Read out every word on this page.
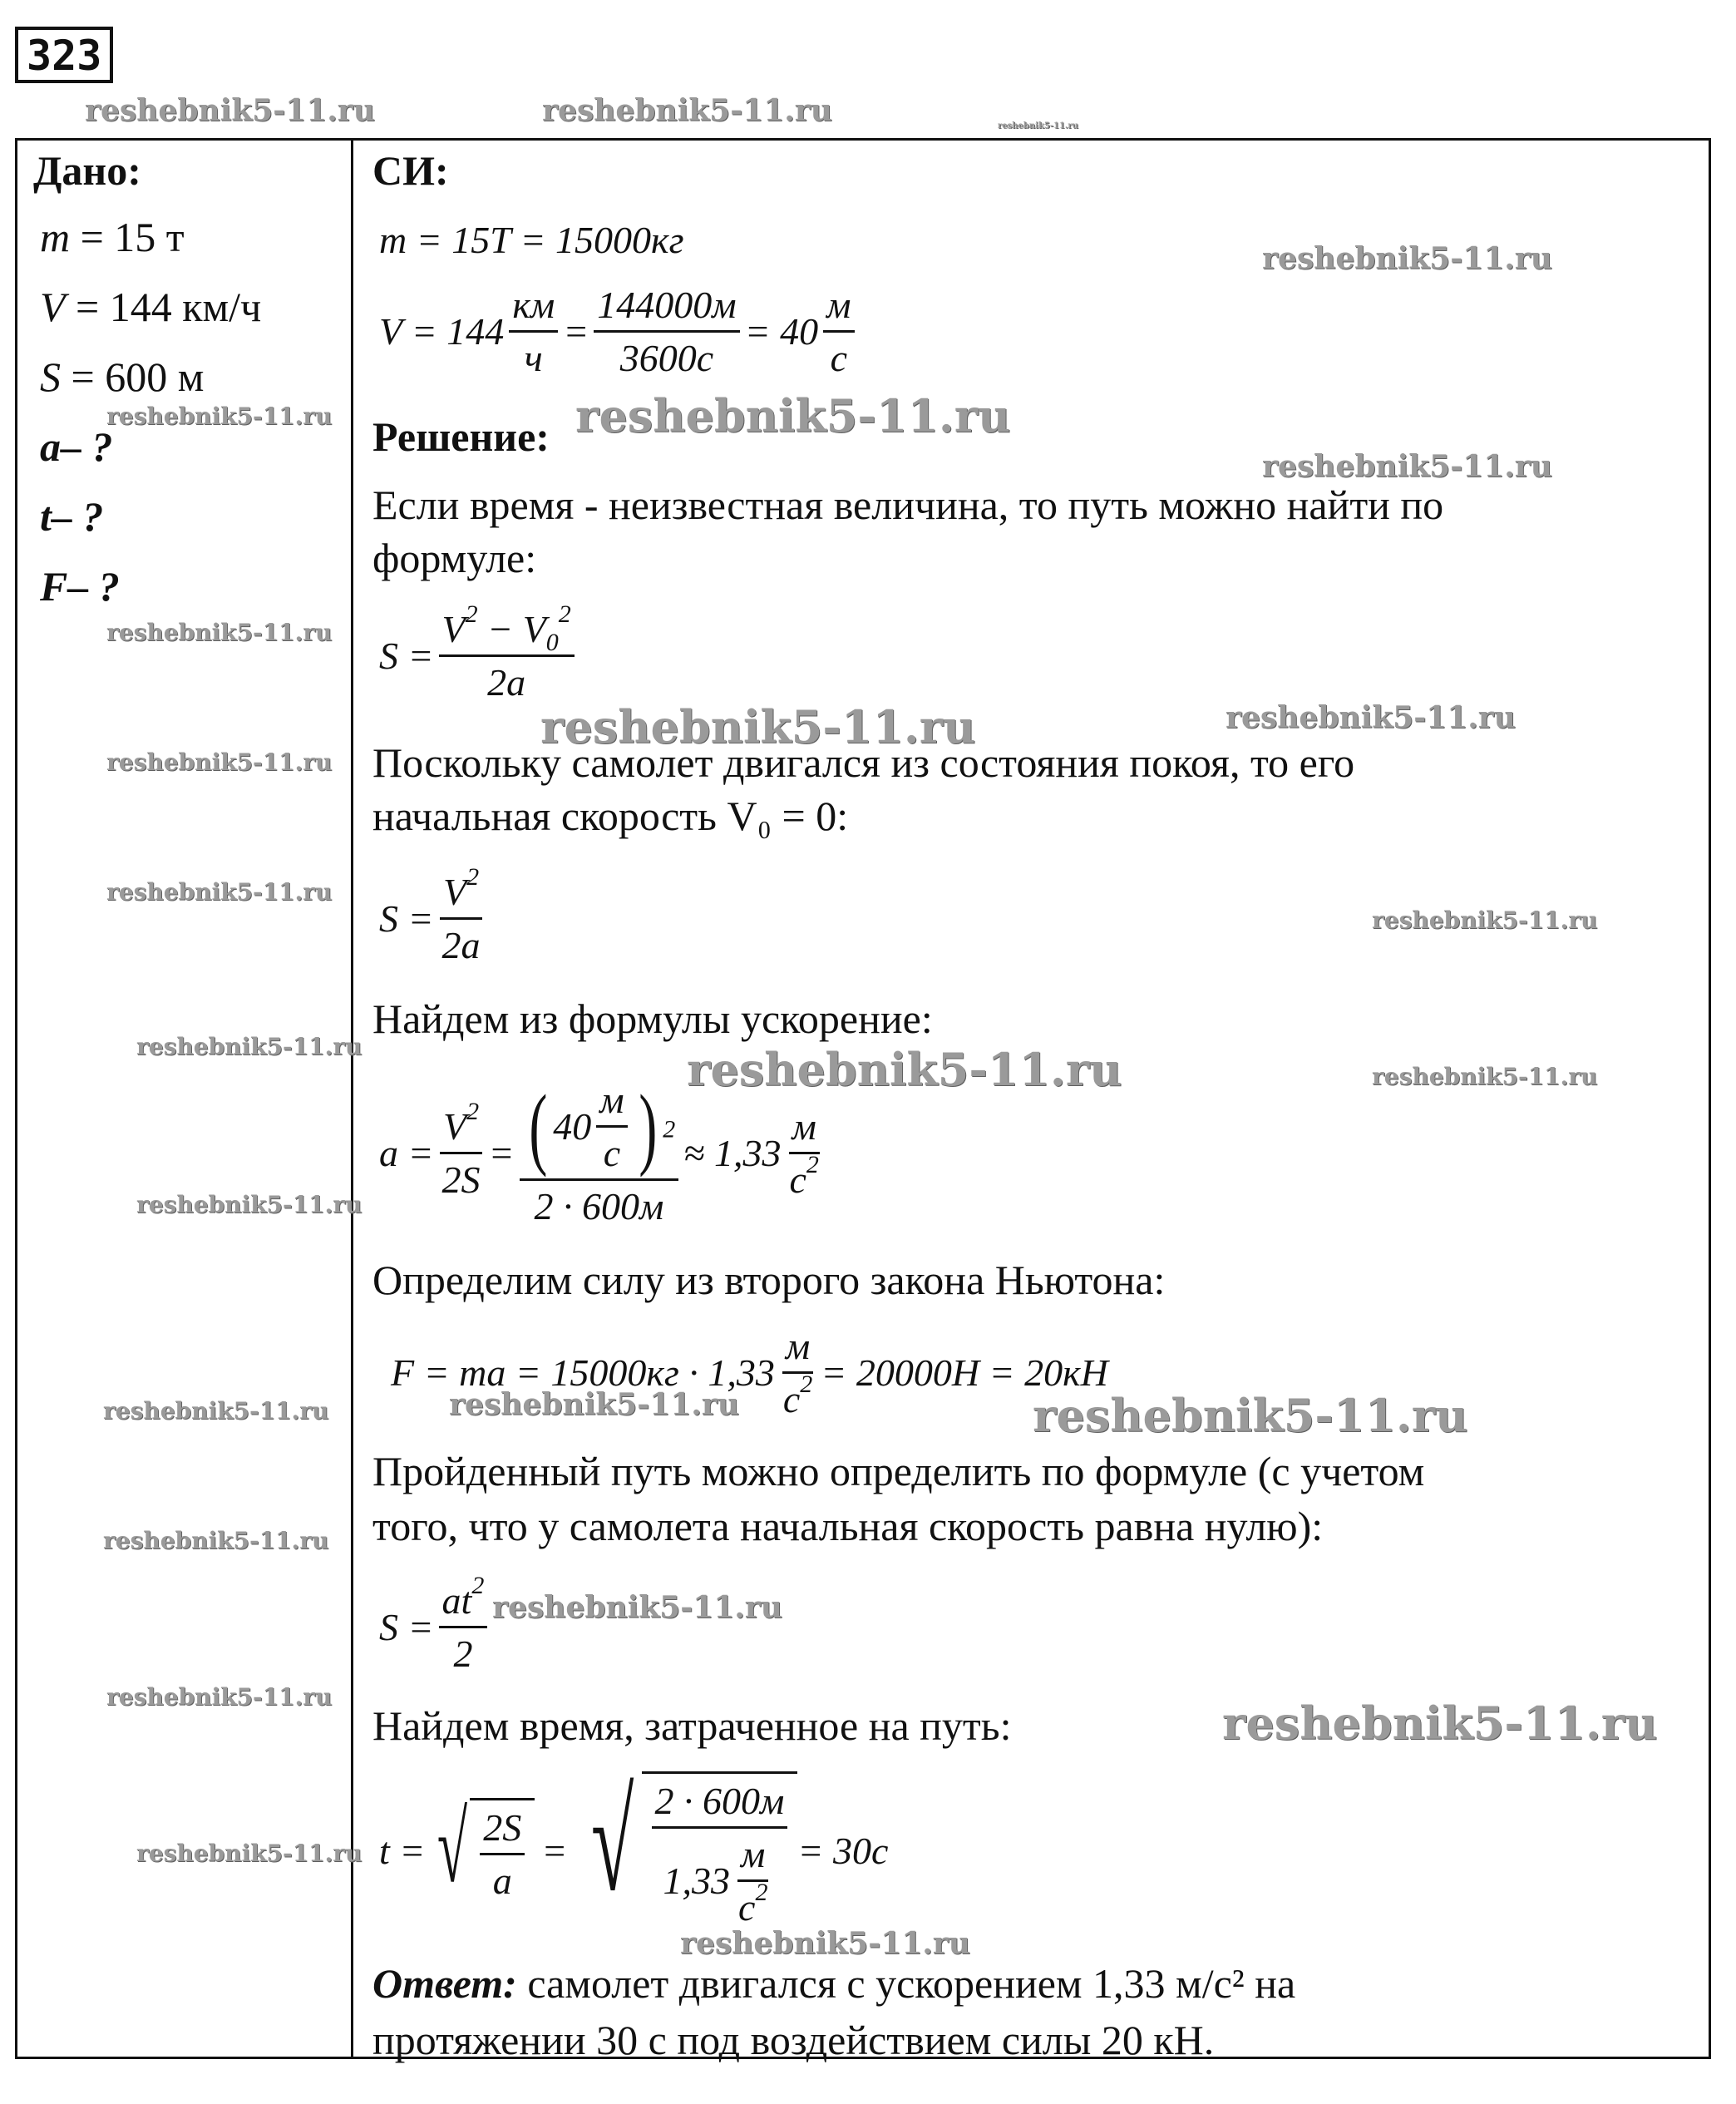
323
reshebnik5-11.ru	reshebnik5-11.ru	reshebnik5-11.ru
reshebnik5-11.ru
reshebnik5-11.ru	reshebnik5-11.ru
reshebnik5-11.ru
reshebnik5-11.ru
reshebnik5-11.ru	reshebnik5-11.ru
reshebnik5-11.ru
reshebnik5-11.ru
reshebnik5-11.ru
reshebnik5-11.ru	reshebnik5-11.ru	reshebnik5-11.ru
reshebnik5-11.ru
reshebnik5-11.ru	reshebnik5-11.ru	reshebnik5-11.ru
reshebnik5-11.ru
reshebnik5-11.ru
reshebnik5-11.ru	reshebnik5-11.ru
reshebnik5-11.ru
reshebnik5-11.ru
Дано:
m = 15 т
V = 144 км/ч
S = 600 м
a– ?
t– ?
F– ?
СИ:
m = 15T = 15000кг
$V = 144 \frac{км}{ч} = \frac{144000м}{3600с} = 40 \frac{м}{с}$
Решение:
Если время - неизвестная величина, то путь можно найти по
формуле:
$S = \frac{V^2 - V_0^2}{2a}$
Поскольку самолет двигался из состояния покоя, то его
начальная скорость V₀ = 0:
$S = \frac{V^2}{2a}$
Найдем из формулы ускорение:
$a = \frac{V^2}{2S} = \frac{( 40 \frac{м}{с} ) ^2}{2 \cdot 600м} \approx 1,33 \frac{м}{с^2}$
Определим силу из второго закона Ньютона:
F = ma = $15000кг \cdot 1,33 \frac{м}{с^2} = 20000H = 20кH$
Пройденный путь можно определить по формуле (с учетом
того, что у самолета начальная скорость равна нулю):
$S = \frac{at^2}{2}$
Найдем время, затраченное на путь:
t = √ $\frac{2S}{a}$ = √ $\frac{2 \cdot 600м}{1,33 \frac{м}{с^2}} = 30с$
Ответ: самолет двигался с ускорением 1,33 м/с² на
протяжении 30 с под воздействием силы 20 кН.
